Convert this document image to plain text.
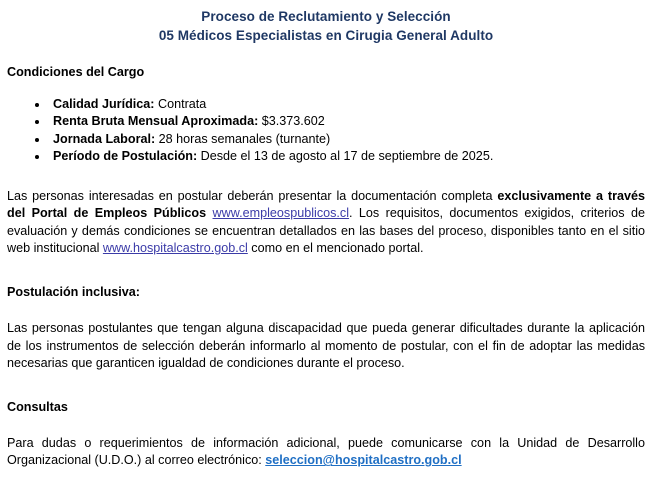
Proceso de Reclutamiento y Selección
05 Médicos Especialistas en Cirugia General Adulto
Condiciones del Cargo
Calidad Jurídica: Contrata
Renta Bruta Mensual Aproximada: $3.373.602
Jornada Laboral: 28 horas semanales (turnante)
Período de Postulación: Desde el 13 de agosto al 17 de septiembre de 2025.

Las personas interesadas en postular deberán presentar la documentación completa exclusivamente a través del Portal de Empleos Públicos www.empleospublicos.cl. Los requisitos, documentos exigidos, criterios de evaluación y demás condiciones se encuentran detallados en las bases del proceso, disponibles tanto en el sitio web institucional www.hospitalcastro.gob.cl como en el mencionado portal.

Postulación inclusiva:

Las personas postulantes que tengan alguna discapacidad que pueda generar dificultades durante la aplicación de los instrumentos de selección deberán informarlo al momento de postular, con el fin de adoptar las medidas necesarias que garanticen igualdad de condiciones durante el proceso.

Consultas

Para dudas o requerimientos de información adicional, puede comunicarse con la Unidad de Desarrollo Organizacional (U.D.O.) al correo electrónico: seleccion@hospitalcastro.gob.cl
